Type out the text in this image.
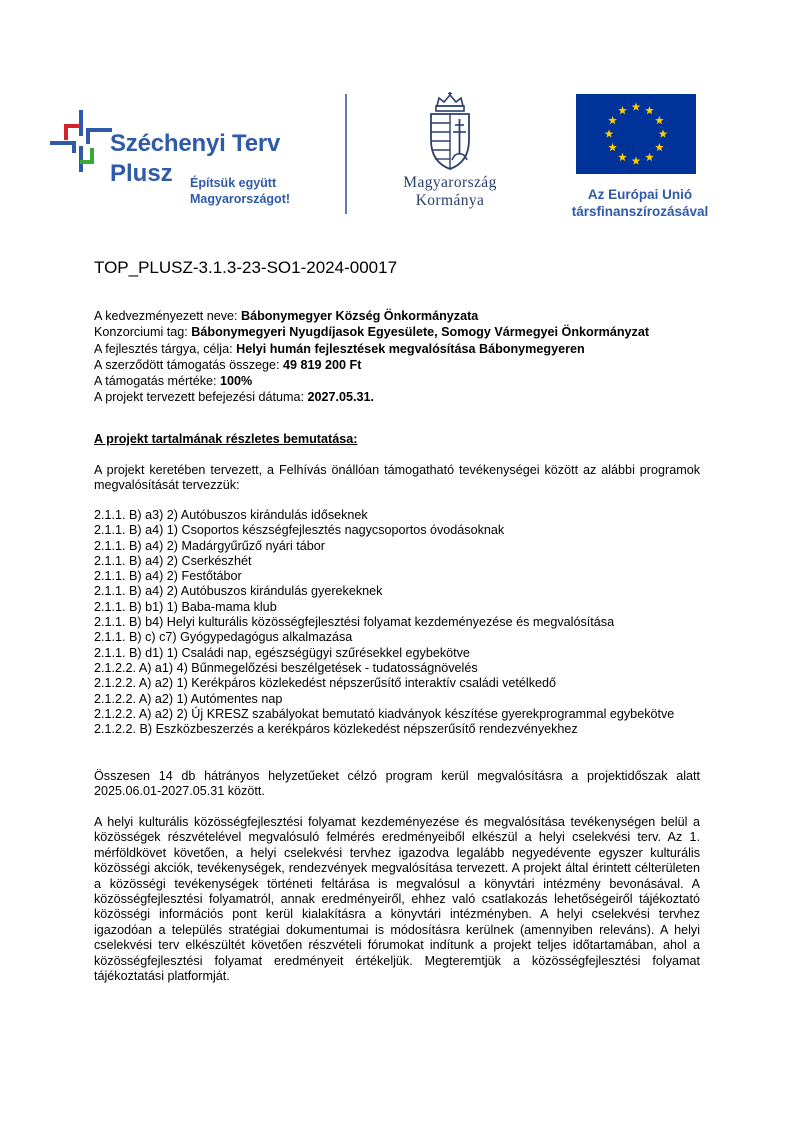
Széchenyi Terv
Plusz Építsük együtt
Magyarországot!
Magyarország
Kormánya	Az Európai Unió
társfinanszírozásával
TOP_PLUSZ-3.1.3-23-SO1-2024-00017
A kedvezményezett neve: Bábonymegyer Község Önkormányzata
Konzorciumi tag: Bábonymegyeri Nyugdíjasok Egyesülete, Somogy Vármegyei Önkormányzat
A fejlesztés tárgya, célja: Helyi humán fejlesztések megvalósítása Bábonymegyeren
A szerződött támogatás összege: 49 819 200 Ft
A támogatás mértéke: 100%
A projekt tervezett befejezési dátuma: 2027.05.31.
A projekt tartalmának részletes bemutatása:
A projekt keretében tervezett, a Felhívás önállóan támogatható tevékenységei között az alábbi programok megvalósítását tervezzük:
2.1.1. B) a3) 2) Autóbuszos kirándulás időseknek
2.1.1. B) a4) 1) Csoportos készségfejlesztés nagycsoportos óvodásoknak
2.1.1. B) a4) 2) Madárgyűrűző nyári tábor
2.1.1. B) a4) 2) Cserkészhét
2.1.1. B) a4) 2) Festőtábor
2.1.1. B) a4) 2) Autóbuszos kirándulás gyerekeknek
2.1.1. B) b1) 1) Baba-mama klub
2.1.1. B) b4) Helyi kulturális közösségfejlesztési folyamat kezdeményezése és megvalósítása
2.1.1. B) c) c7) Gyógypedagógus alkalmazása
2.1.1. B) d1) 1) Családi nap, egészségügyi szűrésekkel egybekötve
2.1.2.2. A) a1) 4) Bűnmegelőzési beszélgetések - tudatosságnövelés
2.1.2.2. A) a2) 1) Kerékpáros közlekedést népszerűsítő interaktív családi vetélkedő
2.1.2.2. A) a2) 1) Autómentes nap
2.1.2.2. A) a2) 2) Új KRESZ szabályokat bemutató kiadványok készítése gyerekprogrammal egybekötve
2.1.2.2. B) Eszközbeszerzés a kerékpáros közlekedést népszerűsítő rendezvényekhez
Összesen 14 db hátrányos helyzetűeket célzó program kerül megvalósításra a projektidőszak alatt 2025.06.01-2027.05.31 között.
A helyi kulturális közösségfejlesztési folyamat kezdeményezése és megvalósítása tevékenységen belül a közösségek részvételével megvalósuló felmérés eredményeiből elkészül a helyi cselekvési terv. Az 1. mérföldkövet követően, a helyi cselekvési tervhez igazodva legalább negyedévente egyszer kulturális közösségi akciók, tevékenységek, rendezvények megvalósítása tervezett. A projekt által érintett célterületen a közösségi tevékenységek történeti feltárása is megvalósul a könyvtári intézmény bevonásával. A közösségfejlesztési folyamatról, annak eredményeiről, ehhez való csatlakozás lehetőségeiről tájékoztató közösségi információs pont kerül kialakításra a könyvtári intézményben. A helyi cselekvési tervhez igazodóan a település stratégiai dokumentumai is módosításra kerülnek (amennyiben releváns). A helyi cselekvési terv elkészültét követően részvételi fórumokat indítunk a projekt teljes időtartamában, ahol a közösségfejlesztési folyamat eredményeit értékeljük. Megteremtjük a közösségfejlesztési folyamat tájékoztatási platformját.
